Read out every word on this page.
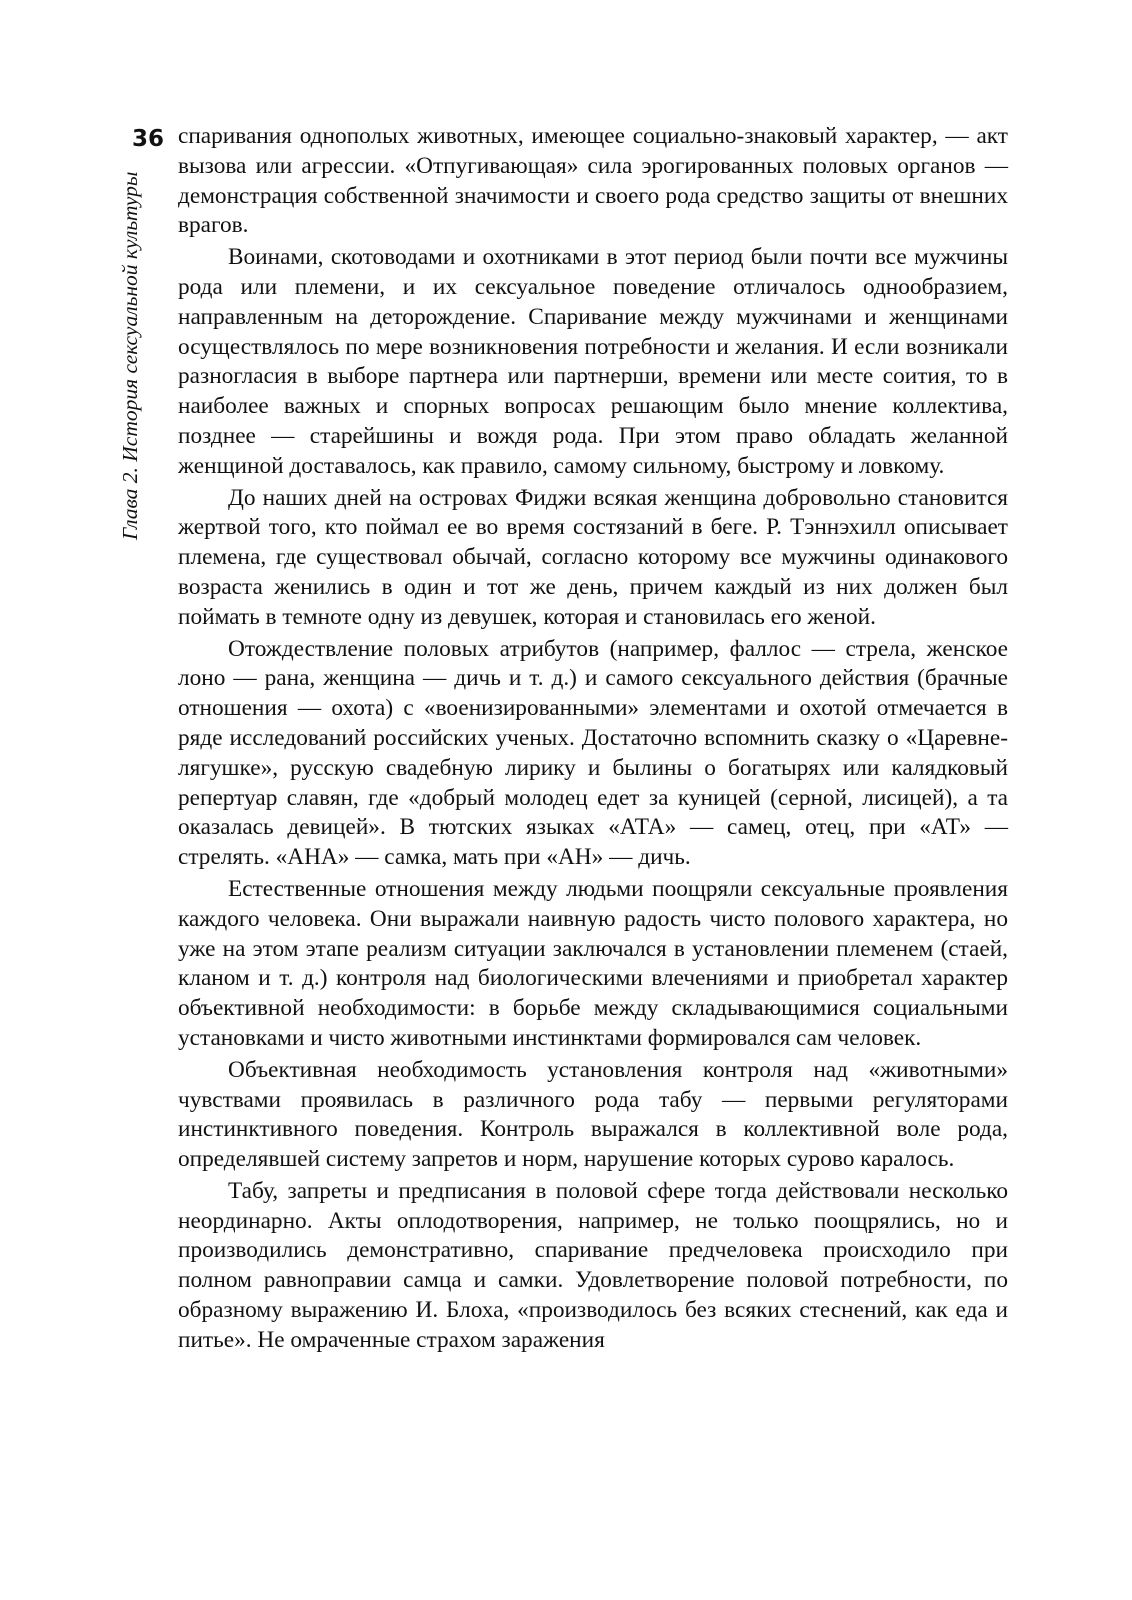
36
Глава 2. История сексуальной культуры

спаривания однополых животных, имеющее социально-знаковый характер, — акт вызова или агрессии. «Отпугивающая» сила эрогированных половых органов — демонстрация собственной значимости и своего рода средство защиты от внешних врагов.

Воинами, скотоводами и охотниками в этот период были почти все мужчины рода или племени, и их сексуальное поведение отличалось однообразием, направленным на деторождение. Спаривание между мужчинами и женщинами осуществлялось по мере возникновения потребности и желания. И если возникали разногласия в выборе партнера или партнерши, времени или месте соития, то в наиболее важных и спорных вопросах решающим было мнение коллектива, позднее — старейшины и вождя рода. При этом право обладать желанной женщиной доставалось, как правило, самому сильному, быстрому и ловкому.

До наших дней на островах Фиджи всякая женщина добровольно становится жертвой того, кто поймал ее во время состязаний в беге. Р. Тэннэхилл описывает племена, где существовал обычай, согласно которому все мужчины одинакового возраста женились в один и тот же день, причем каждый из них должен был поймать в темноте одну из девушек, которая и становилась его женой.

Отождествление половых атрибутов (например, фаллос — стрела, женское лоно — рана, женщина — дичь и т. д.) и самого сексуального действия (брачные отношения — охота) с «военизированными» элементами и охотой отмечается в ряде исследований российских ученых. Достаточно вспомнить сказку о «Царевне-лягушке», русскую свадебную лирику и былины о богатырях или калядковый репертуар славян, где «добрый молодец едет за куницей (серной, лисицей), а та оказалась девицей». В тютских языках «АТА» — самец, отец, при «АТ» — стрелять. «АНА» — самка, мать при «АН» — дичь.

Естественные отношения между людьми поощряли сексуальные проявления каждого человека. Они выражали наивную радость чисто полового характера, но уже на этом этапе реализм ситуации заключался в установлении племенем (стаей, кланом и т. д.) контроля над биологическими влечениями и приобретал характер объективной необходимости: в борьбе между складывающимися социальными установками и чисто животными инстинктами формировался сам человек.

Объективная необходимость установления контроля над «животными» чувствами проявилась в различного рода табу — первыми регуляторами инстинктивного поведения. Контроль выражался в коллективной воле рода, определявшей систему запретов и норм, нарушение которых сурово каралось.

Табу, запреты и предписания в половой сфере тогда действовали несколько неординарно. Акты оплодотворения, например, не только поощрялись, но и производились демонстративно, спаривание предчеловека происходило при полном равноправии самца и самки. Удовлетворение половой потребности, по образному выражению И. Блоха, «производилось без всяких стеснений, как еда и питье». Не омраченные страхом заражения
